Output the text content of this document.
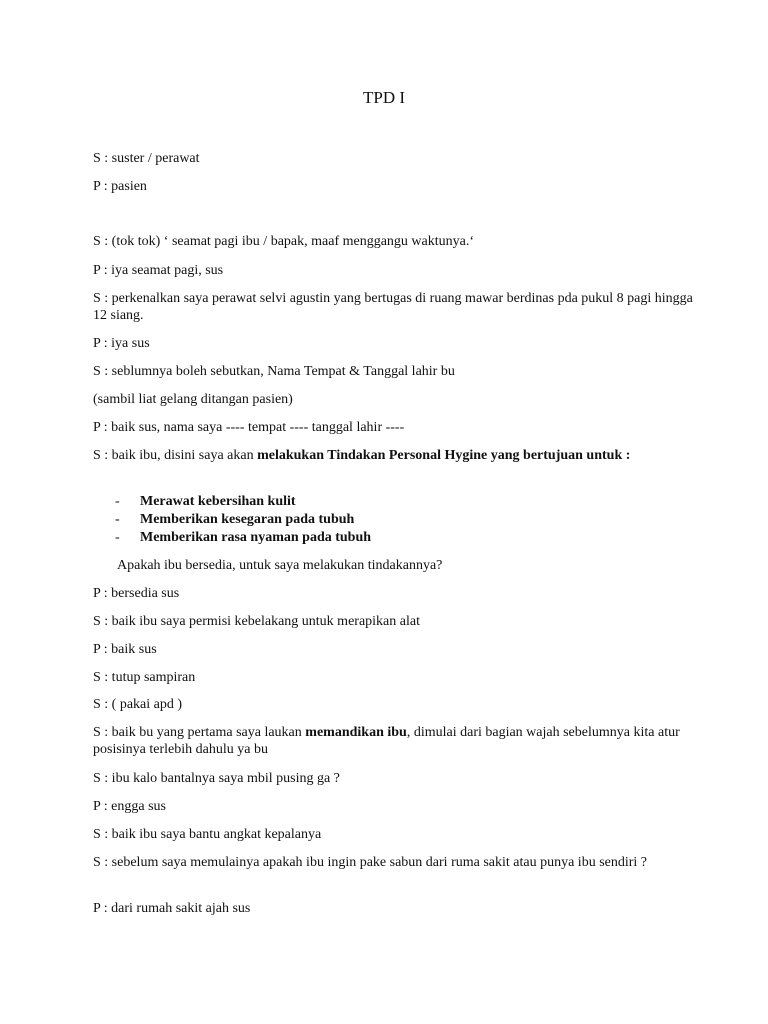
TPD I

S : suster / perawat

P : pasien

S : (tok tok) ‘ seamat pagi ibu / bapak, maaf menggangu waktunya.‘

P : iya seamat pagi, sus

S : perkenalkan saya perawat selvi agustin yang bertugas di ruang mawar berdinas pda pukul 8 pagi hingga 12 siang.

P : iya sus

S : seblumnya boleh sebutkan, Nama Tempat & Tanggal lahir bu

(sambil liat gelang ditangan pasien)

P : baik sus, nama saya ---- tempat ---- tanggal lahir ----

S : baik ibu, disini saya akan melakukan Tindakan Personal Hygine yang bertujuan untuk :

- Merawat kebersihan kulit
- Memberikan kesegaran pada tubuh
- Memberikan rasa nyaman pada tubuh

Apakah ibu bersedia, untuk saya melakukan tindakannya?

P : bersedia sus

S : baik ibu saya permisi kebelakang untuk merapikan alat

P : baik sus

S : tutup sampiran

S : ( pakai apd )

S : baik bu yang pertama saya laukan memandikan ibu, dimulai dari bagian wajah sebelumnya kita atur posisinya terlebih dahulu ya bu

S : ibu kalo bantalnya saya mbil pusing ga ?

P : engga sus

S : baik ibu saya bantu angkat kepalanya

S : sebelum saya memulainya apakah ibu ingin pake sabun dari ruma sakit atau punya ibu sendiri ?

P : dari rumah sakit ajah sus
